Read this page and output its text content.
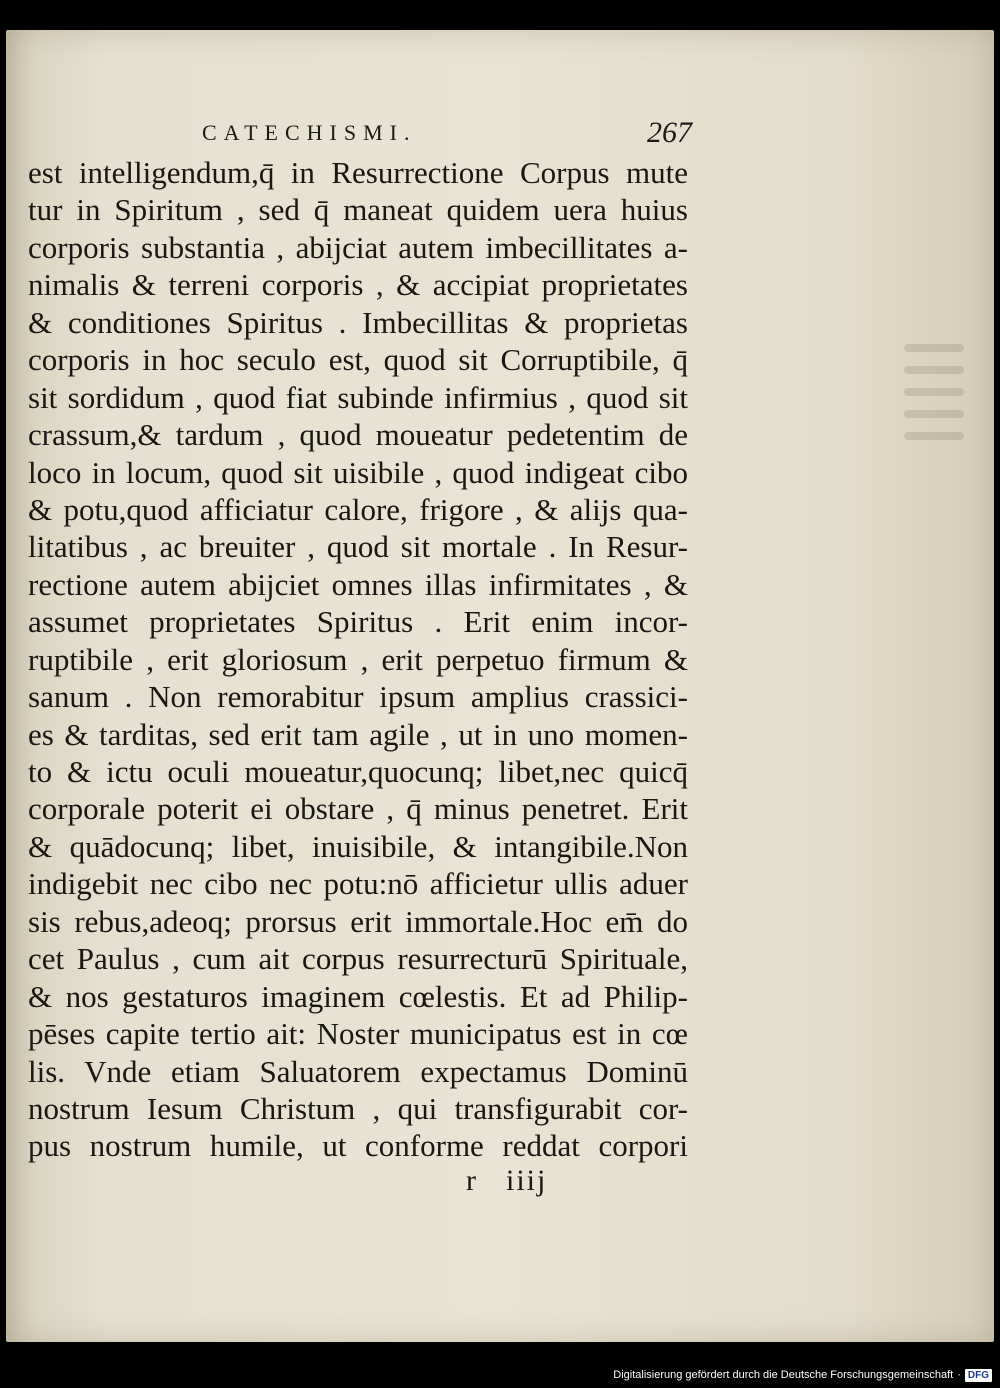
CATECHISMI.	267
est intelligendum,q̄ in Resurrectione Corpus mute
tur in Spiritum , sed q̄ maneat quidem uera huius
corporis substantia , abijciat autem imbecillitates a-
nimalis & terreni corporis , & accipiat proprietates
& conditiones Spiritus . Imbecillitas & proprietas
corporis in hoc seculo est, quod sit Corruptibile, q̄
sit sordidum , quod fiat subinde infirmius , quod sit
crassum,& tardum , quod moueatur pedetentim de
loco in locum, quod sit uisibile , quod indigeat cibo
& potu,quod afficiatur calore, frigore , & alijs qua-
litatibus , ac breuiter , quod sit mortale . In Resur-
rectione autem abijciet omnes illas infirmitates , &
assumet proprietates Spiritus . Erit enim incor-
ruptibile , erit gloriosum , erit perpetuo firmum &
sanum . Non remorabitur ipsum amplius crassici-
es & tarditas, sed erit tam agile , ut in uno momen-
to & ictu oculi moueatur,quocunq; libet,nec quicq̄
corporale poterit ei obstare , q̄ minus penetret. Erit
& quādocunq; libet, inuisibile, & intangibile.Non
indigebit nec cibo nec potu:nō afficietur ullis aduer
sis rebus,adeoq; prorsus erit immortale.Hoc em̄ do
cet Paulus , cum ait corpus resurrecturū Spirituale,
& nos gestaturos imaginem cœlestis. Et ad Philip-
pēses capite tertio ait: Noster municipatus est in cœ
lis. Vnde etiam Saluatorem expectamus Dominū
nostrum Iesum Christum , qui transfigurabit cor-
pus nostrum humile, ut conforme reddat corpori
r iiij
Digitalisierung gefördert durch die Deutsche Forschungsgemeinschaft · DFG
